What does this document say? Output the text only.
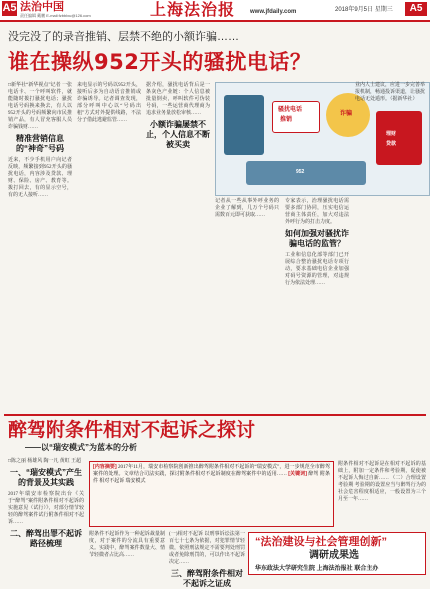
A5 法治中国
责任编辑 戴鹏 E-mail:fzbblxu@126.com	上海法治报 www.jfdaily.com	2018年9月5日 星期三	A5
没完没了的录音推销、层禁不绝的小额诈骗……
谁在操纵952开头的骚扰电话？
□新华社“新华视点”记者 一张电话卡、一个呼叫软件，就能随时拨打骚扰电话；骚扰电话号码换来换去，有人以952开头的号码频繁向市民推销产品，有人冒充客服人员诈骗钱财……
精准营销信息的“神奇”号码
近来，不少手机用户向记者反映，频繁接到952开头的骚扰电话，内容涉及贷款、理财、保险、房产、教育等。拨打回去，有的显示空号，有的无人接听……
来电显示的号码以952开头，接听后多为自动语音推销或诈骗诱导。记者调查发现，部分呼叫中心以“号码出租”方式对外提供线路，不法分子借此逃避监管……
据介绍，骚扰电话背后是一条灰色产业链：个人信息被批量倒卖，呼叫软件可伪装号码，一些运营商代理商为追求业务量放松审核……
小额诈骗屡禁不止，个人信息不断被买卖
骚扰电话
推销
诈骗
理财
贷款
952
记者从一些从事外呼业务的企业了解到，几万个号码只需数百元即可获取……
专家表示，治理骚扰电话需要多部门协同，压实电信运营商主体责任，加大对违法外呼行为的打击力度。
如何加强对骚扰诈骗电话的监管？
工业和信息化部等部门已开展综合整治骚扰电话专项行动，要求基础电信企业加强对码号资源的管理，对违规行为依法处理……
业内人士建议，应进一步完善举报机制，畅通投诉渠道，让骚扰电话无处遁形。（据新华社）
醉驾附条件相对不起诉之探讨
——以“瑞安模式”为蓝本的分析
□陈之丽 杨雄风 陶一凡 黄虹 王超
一、“瑞安模式”产生的背景及其实践
2017年瑞安市检察院出台《关于“醉驾”案件附条件相对不起诉的实施意见（试行）》，对部分情节较轻的醉驾案件试行附条件相对不起诉……
二、醉驾出罪不起诉路径梳理
[内容摘要] 2017年11月，瑞安市检察院创新推出醉驾附条件相对不起诉的“瑞安模式”，进一步规范全市醉驾案件的处理。文章结合司法实践，探讨附条件相对不起诉制度在醉驾案件中的适用…… [关键词] 醉驾 附条件 相对不起诉 瑞安模式
附条件不起诉作为一种起诉裁量制度，对于案件的分流具有重要意义。实践中，醉驾案件数量大、情节轻微者占比高……
(一)相对不起诉 以刑事诉讼法第一百七十七条为依据，对犯罪情节轻微，依照刑法规定不需要判处刑罚或者免除刑罚的，可以作出不起诉决定……
三、醉驾附条件相对不起诉之证成
附条件相对不起诉是在相对不起诉的基础上，附加一定条件和考验期，促使被不起诉人悔过自新…… （二）合理设置考验期 考验期的设置应当与醉驾行为的社会危害程度相适应，一般设置为三个月至一年……
“法治建设与社会管理创新”
调研成果选
华东政法大学研究生院 上海法治报社 联合主办
